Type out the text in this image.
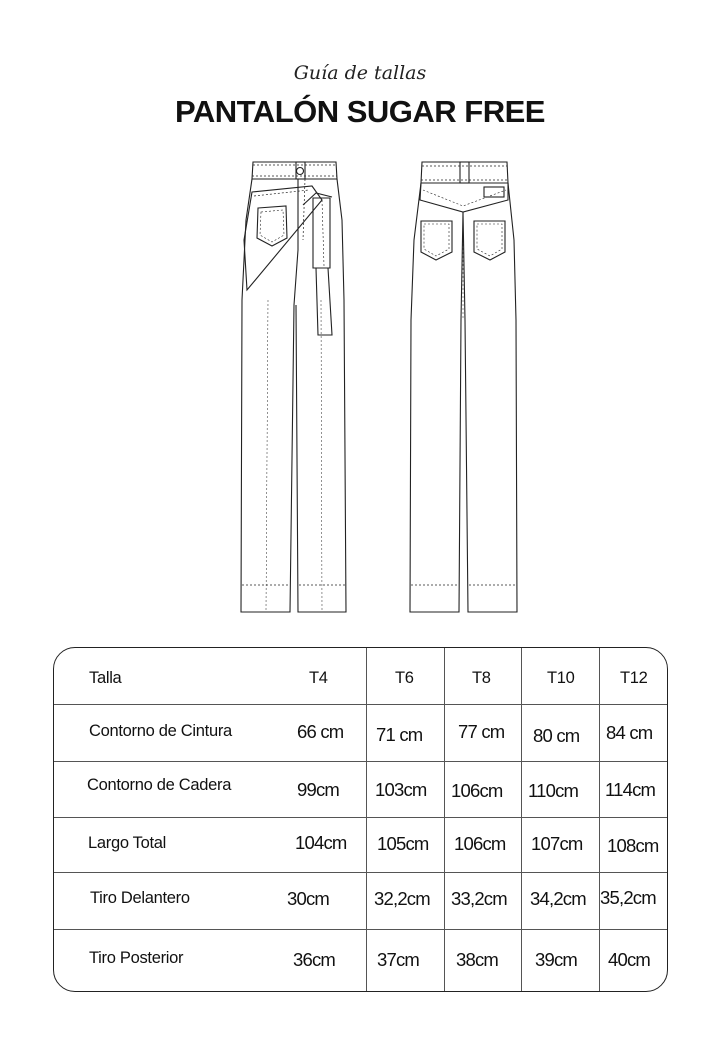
Guía de tallas
PANTALÓN SUGAR FREE
Talla	T4	T6	T8	T10	T12
Contorno de Cintura	66 cm 71 cm 77 cm 80 cm 84 cm
Contorno de Cadera	99cm 103cm 106cm 110cm 114cm
Largo Total	104cm 105cm 106cm 107cm 108cm
Tiro Delantero	30cm 32,2cm 33,2cm 34,2cm 35,2cm
Tiro Posterior	36cm 37cm 38cm 39cm 40cm
